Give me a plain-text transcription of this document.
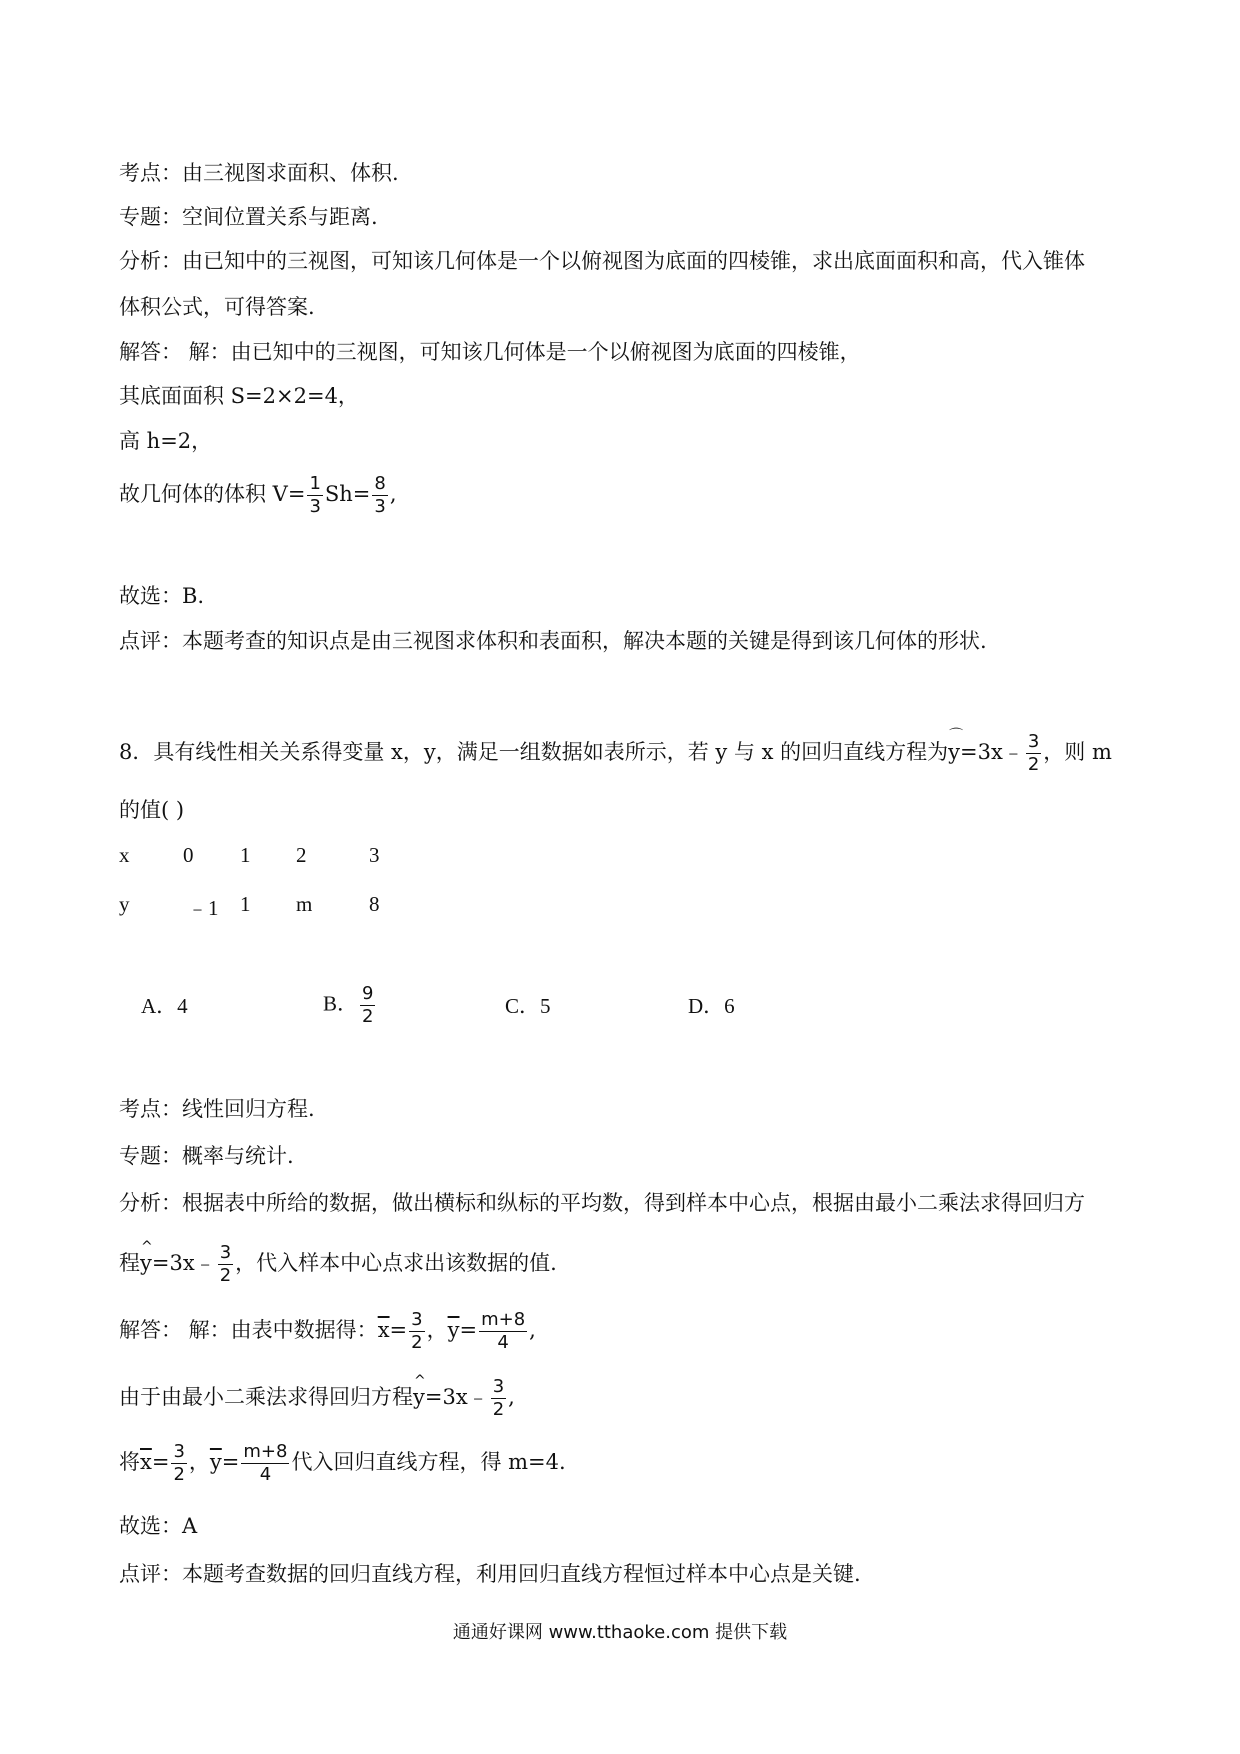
考点：由三视图求面积、体积.
专题：空间位置关系与距离.
分析：由已知中的三视图，可知该几何体是一个以俯视图为底面的四棱锥，求出底面面积和高，代入锥体
体积公式，可得答案.
解答： 解：由已知中的三视图，可知该几何体是一个以俯视图为底面的四棱锥，
其底面面积 S=2×2=4，
高 h=2，
故几何体的体积 $V= \frac{1}{3} Sh= \frac{8}{3}$ ,
故选：B.
点评：本题考查的知识点是由三视图求体积和表面积，解决本题的关键是得到该几何体的形状.
8．具有线性相关关系得变量 x，y，满足一组数据如表所示，若 y 与 x 的回归直线方程为
⌒
y=3x﹣ $\frac{3}{2}$ ，则 m
的值( )
x	0 1 2	3
y	﹣1 1 m	8
A．4	B． $\frac{9}{2}$	C．5	D．6
考点：线性回归方程.
专题：概率与统计.
分析：根据表中所给的数据，做出横标和纵标的平均数，得到样本中心点，根据由最小二乘法求得回归方
程
^
y=3x﹣ $\frac{3}{2}$ ，代入样本中心点求出该数据的值.
解答： 解：由表中数据得：$\overline{x}= \frac{3}{2}$ ，$\overline{y}= \frac{m+8}{4}$ ,
由于由最小二乘法求得回归方程
^
y=3x﹣ $\frac{3}{2}$ ,
将$\overline{x}= \frac{3}{2}$ ，$\overline{y}= \frac{m+8}{4}$ 代入回归直线方程，得 m=4.
故选：A
点评：本题考查数据的回归直线方程，利用回归直线方程恒过样本中心点是关键.
通通好课网 www.tthaoke.com 提供下载
